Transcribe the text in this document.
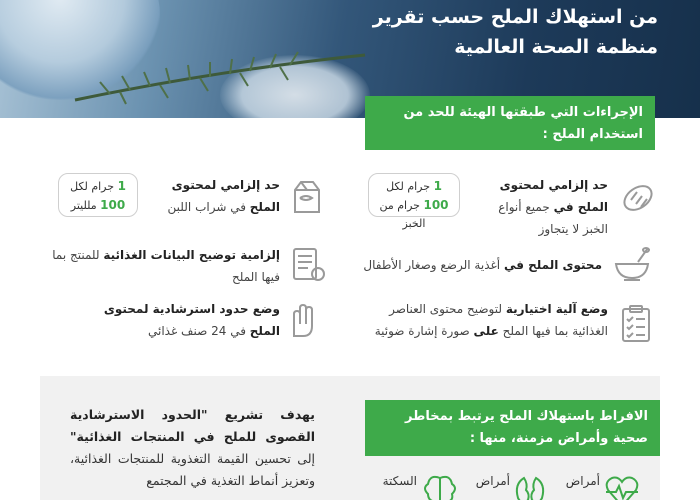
من استهلاك الملح حسب تقرير
منظمة الصحة العالمية
الإجراءات التي طبقتها الهيئة للحد من استخدام الملح :
حد إلزامي لمحتوى الملح في جميع أنواع الخبز لا يتجاوز
1 جرام لكل
100 جرام من الخبز
حد إلزامي لمحتوى الملح في شراب اللبن
1 جرام لكل
100 ملليتر
محتوى الملح في أغذية الرضع وصغار الأطفال
إلزامية توضيح البيانات الغذائية للمنتج بما فيها الملح
وضع آلية اختيارية لتوضيح محتوى العناصر الغذائية بما فيها الملح على صورة إشارة ضوئية
وضع حدود استرشادية لمحتوى الملح في 24 صنف غذائي
الافراط باستهلاك الملح يرتبط بمخاطر صحية وأمراض مزمنة، منها :
يهدف تشريع "الحدود الاسترشادية القصوى للملح في المنتجات الغذائية" إلى تحسين القيمة التغذوية للمنتجات الغذائية، وتعزيز أنماط التغذية في المجتمع	أمراض
أمراض
السكتة
